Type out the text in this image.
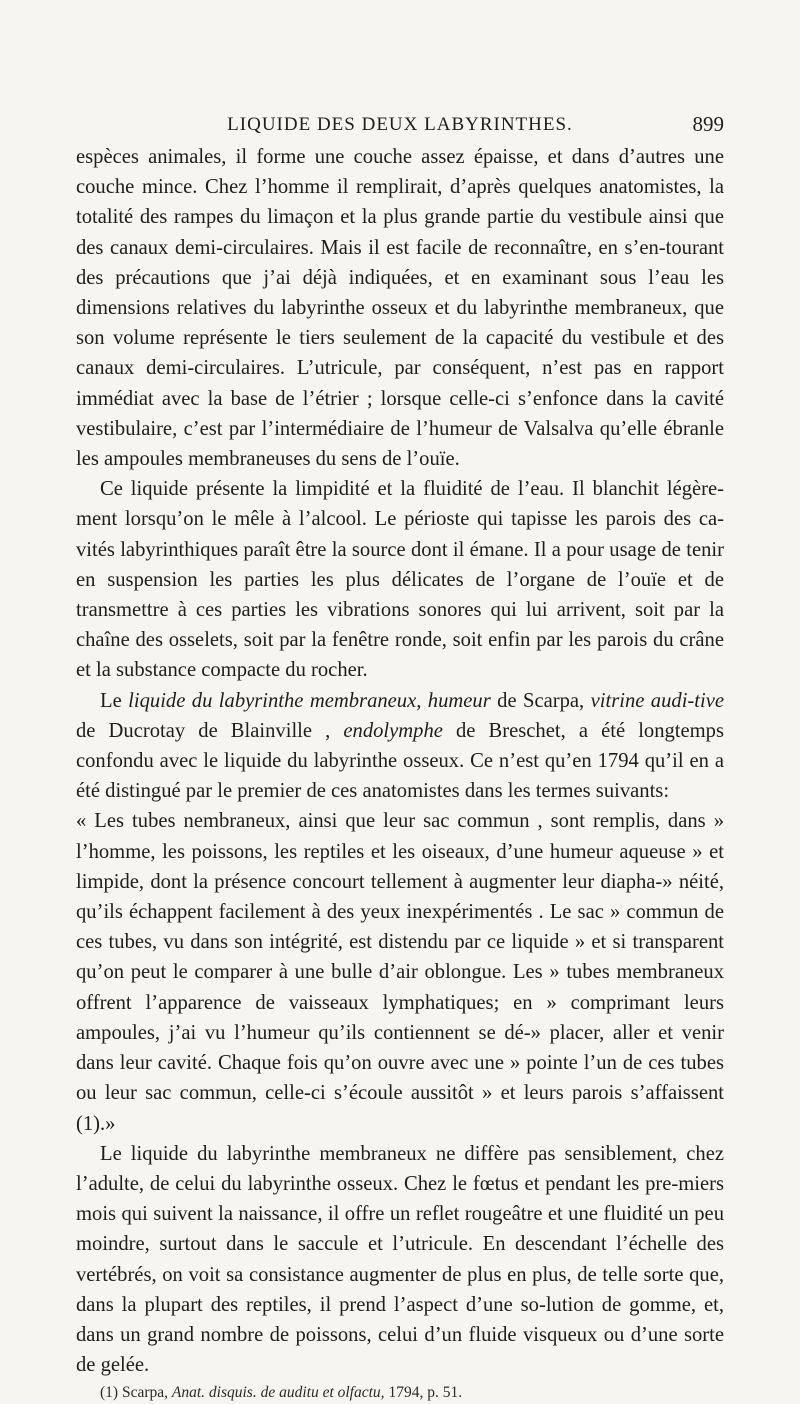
LIQUIDE DES DEUX LABYRINTHES.	899

espèces animales, il forme une couche assez épaisse, et dans d’autres une couche mince. Chez l’homme il remplirait, d’après quelques anatomistes, la totalité des rampes du limaçon et la plus grande partie du vestibule ainsi que des canaux demi-circulaires. Mais il est facile de reconnaître, en s’en-tourant des précautions que j’ai déjà indiquées, et en examinant sous l’eau les dimensions relatives du labyrinthe osseux et du labyrinthe membraneux, que son volume représente le tiers seulement de la capacité du vestibule et des canaux demi-circulaires. L’utricule, par conséquent, n’est pas en rapport immédiat avec la base de l’étrier ; lorsque celle-ci s’enfonce dans la cavité vestibulaire, c’est par l’intermédiaire de l’humeur de Valsalva qu’elle ébranle les ampoules membraneuses du sens de l’ouïe.

Ce liquide présente la limpidité et la fluidité de l’eau. Il blanchit légère-ment lorsqu’on le mêle à l’alcool. Le périoste qui tapisse les parois des ca-vités labyrinthiques paraît être la source dont il émane. Il a pour usage de tenir en suspension les parties les plus délicates de l’organe de l’ouïe et de transmettre à ces parties les vibrations sonores qui lui arrivent, soit par la chaîne des osselets, soit par la fenêtre ronde, soit enfin par les parois du crâne et la substance compacte du rocher.

Le liquide du labyrinthe membraneux, humeur de Scarpa, vitrine audi-tive de Ducrotay de Blainville , endolymphe de Breschet, a été longtemps confondu avec le liquide du labyrinthe osseux. Ce n’est qu’en 1794 qu’il en a été distingué par le premier de ces anatomistes dans les termes suivants:

« Les tubes nembraneux, ainsi que leur sac commun , sont remplis, dans » l’homme, les poissons, les reptiles et les oiseaux, d’une humeur aqueuse » et limpide, dont la présence concourt tellement à augmenter leur diapha-» néité, qu’ils échappent facilement à des yeux inexpérimentés . Le sac » commun de ces tubes, vu dans son intégrité, est distendu par ce liquide » et si transparent qu’on peut le comparer à une bulle d’air oblongue. Les » tubes membraneux offrent l’apparence de vaisseaux lymphatiques; en » comprimant leurs ampoules, j’ai vu l’humeur qu’ils contiennent se dé-» placer, aller et venir dans leur cavité. Chaque fois qu’on ouvre avec une » pointe l’un de ces tubes ou leur sac commun, celle-ci s’écoule aussitôt » et leurs parois s’affaissent (1).»

Le liquide du labyrinthe membraneux ne diffère pas sensiblement, chez l’adulte, de celui du labyrinthe osseux. Chez le fœtus et pendant les pre-miers mois qui suivent la naissance, il offre un reflet rougeâtre et une fluidité un peu moindre, surtout dans le saccule et l’utricule. En descendant l’échelle des vertébrés, on voit sa consistance augmenter de plus en plus, de telle sorte que, dans la plupart des reptiles, il prend l’aspect d’une so-lution de gomme, et, dans un grand nombre de poissons, celui d’un fluide visqueux ou d’une sorte de gelée.

(1) Scarpa, Anat. disquis. de auditu et olfactu, 1794, p. 51.
